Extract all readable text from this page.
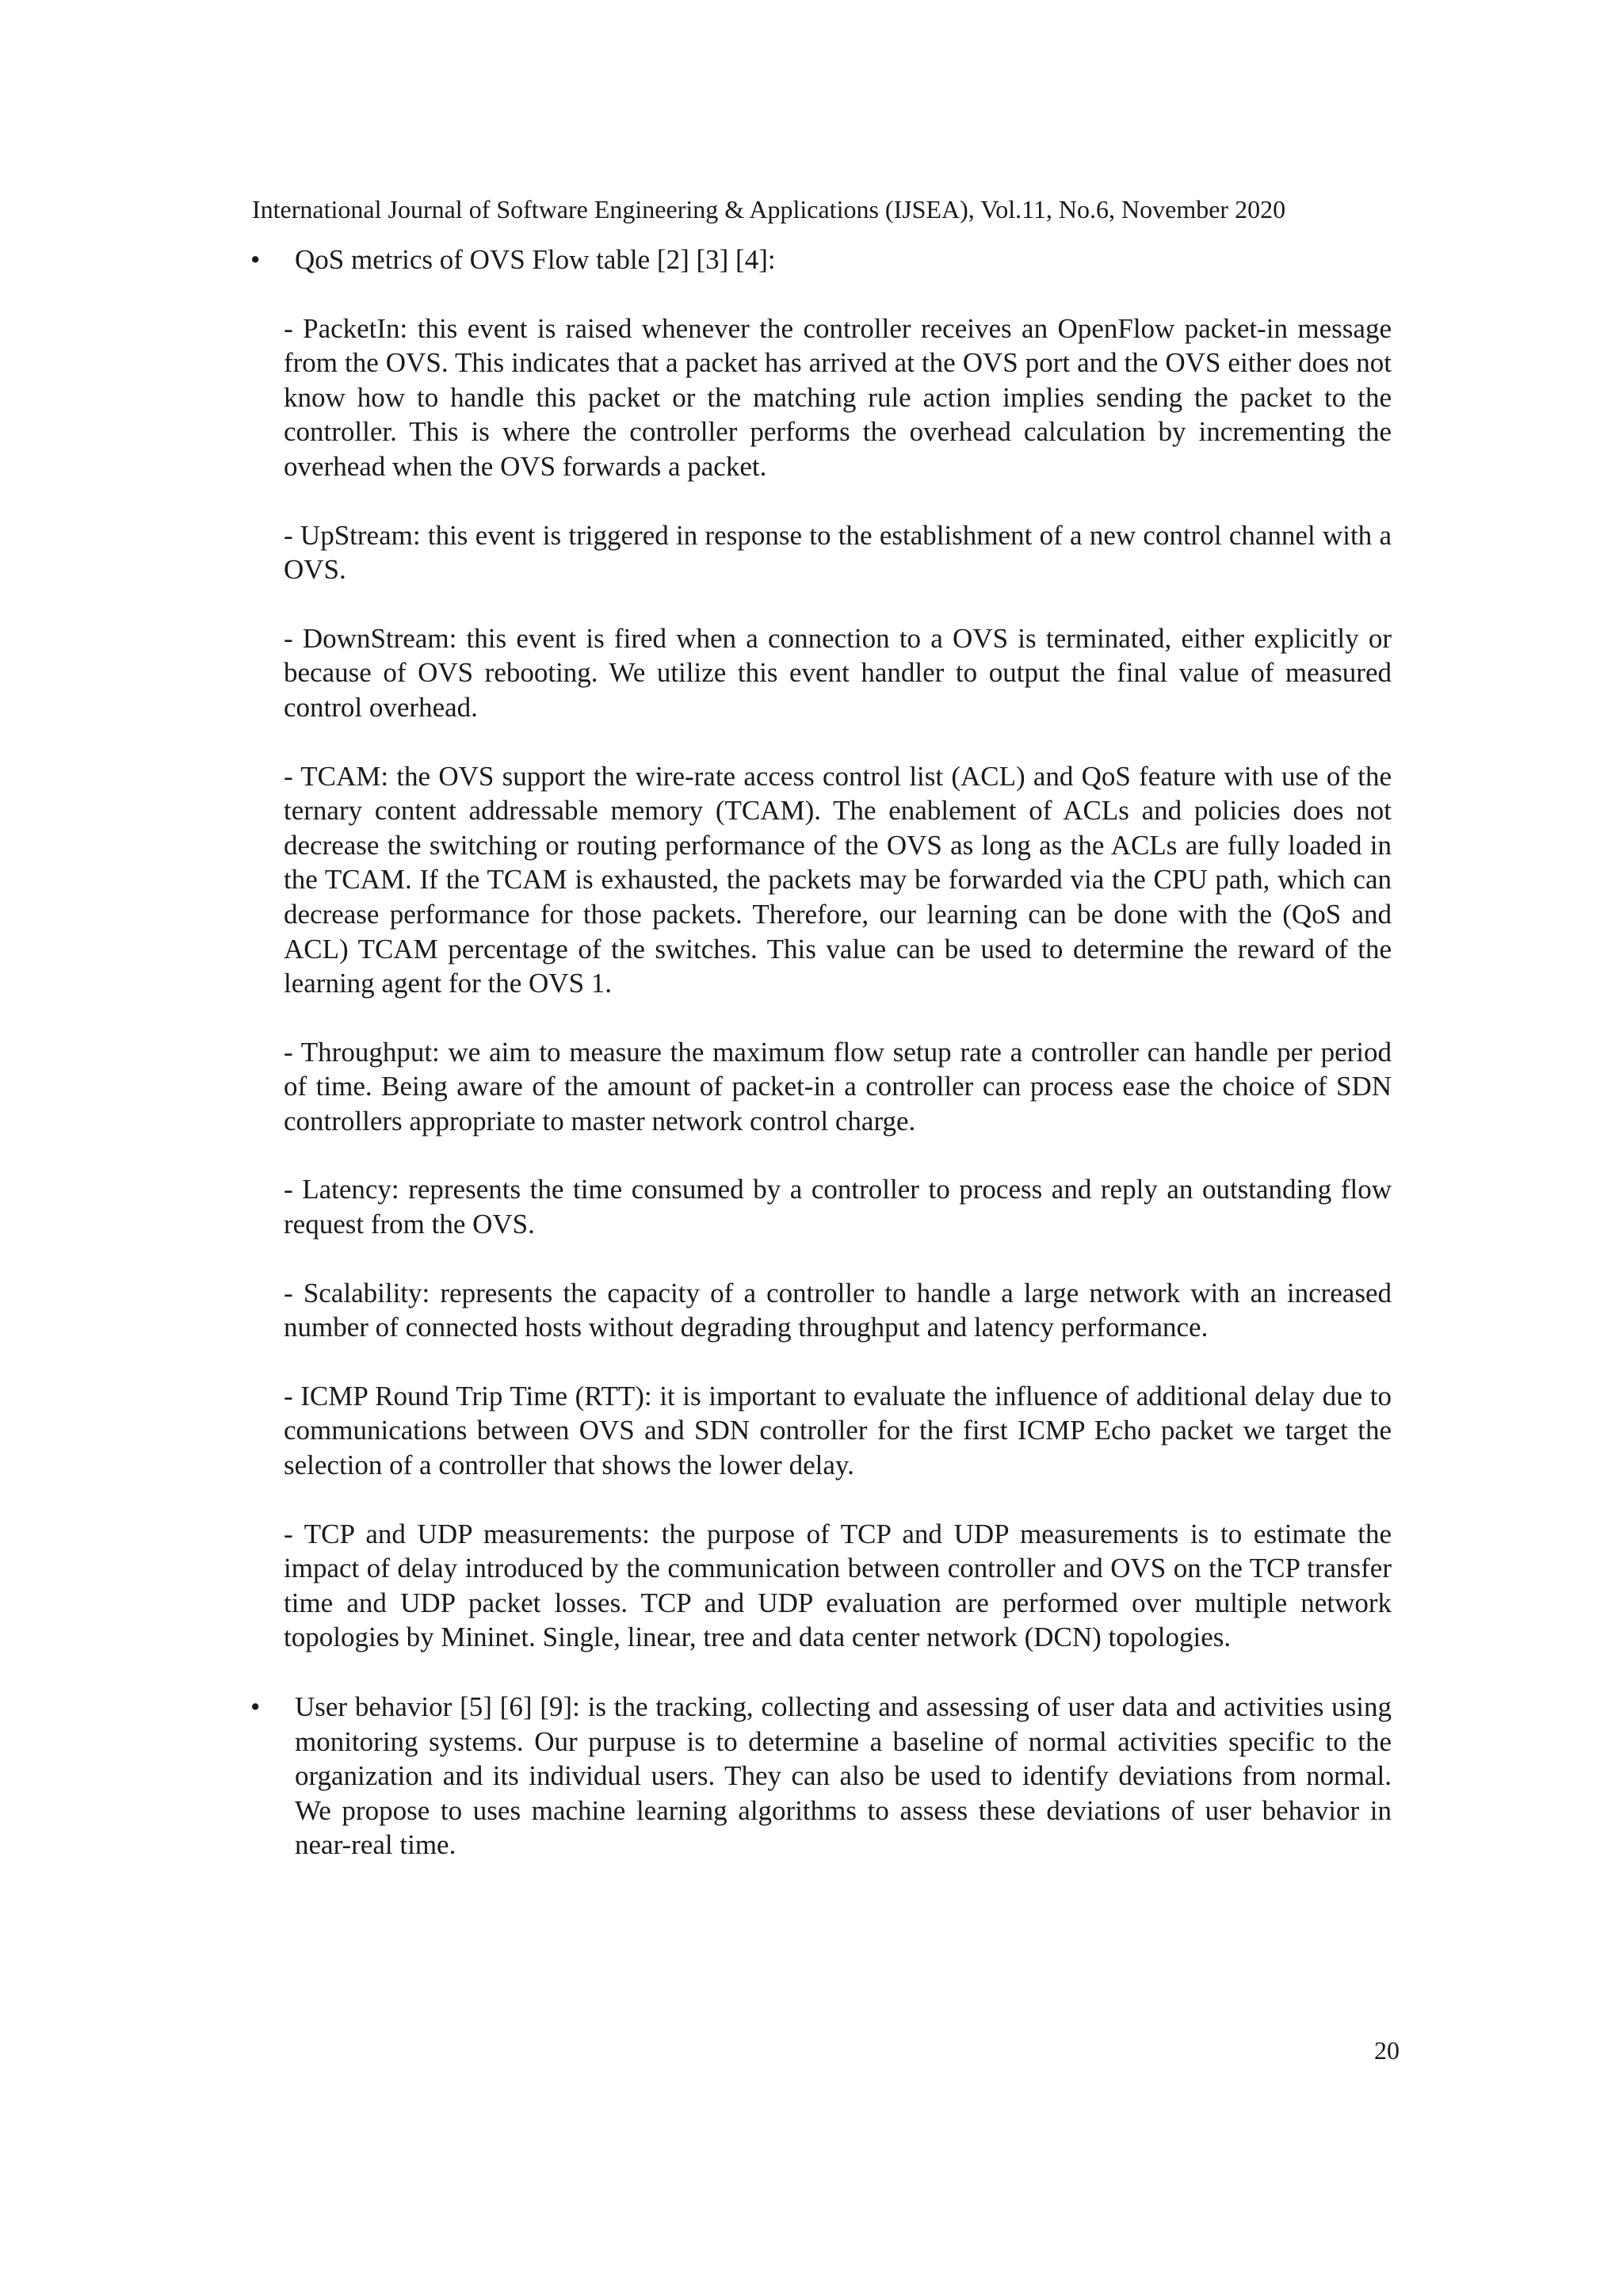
International Journal of Software Engineering & Applications (IJSEA), Vol.11, No.6, November 2020
• QoS metrics of OVS Flow table [2] [3] [4]:

- PacketIn: this event is raised whenever the controller receives an OpenFlow packet-in message from the OVS. This indicates that a packet has arrived at the OVS port and the OVS either does not know how to handle this packet or the matching rule action implies sending the packet to the controller. This is where the controller performs the overhead calculation by incrementing the overhead when the OVS forwards a packet.

- UpStream: this event is triggered in response to the establishment of a new control channel with a OVS.

- DownStream: this event is fired when a connection to a OVS is terminated, either explicitly or because of OVS rebooting. We utilize this event handler to output the final value of measured control overhead.

- TCAM: the OVS support the wire-rate access control list (ACL) and QoS feature with use of the ternary content addressable memory (TCAM). The enablement of ACLs and policies does not decrease the switching or routing performance of the OVS as long as the ACLs are fully loaded in the TCAM. If the TCAM is exhausted, the packets may be forwarded via the CPU path, which can decrease performance for those packets. Therefore, our learning can be done with the (QoS and ACL) TCAM percentage of the switches. This value can be used to determine the reward of the learning agent for the OVS 1.

- Throughput: we aim to measure the maximum flow setup rate a controller can handle per period of time. Being aware of the amount of packet-in a controller can process ease the choice of SDN controllers appropriate to master network control charge.

- Latency: represents the time consumed by a controller to process and reply an outstanding flow request from the OVS.

- Scalability: represents the capacity of a controller to handle a large network with an increased number of connected hosts without degrading throughput and latency performance.

- ICMP Round Trip Time (RTT): it is important to evaluate the influence of additional delay due to communications between OVS and SDN controller for the first ICMP Echo packet we target the selection of a controller that shows the lower delay.

- TCP and UDP measurements: the purpose of TCP and UDP measurements is to estimate the impact of delay introduced by the communication between controller and OVS on the TCP transfer time and UDP packet losses. TCP and UDP evaluation are performed over multiple network topologies by Mininet. Single, linear, tree and data center network (DCN) topologies.

• User behavior [5] [6] [9]: is the tracking, collecting and assessing of user data and activities using monitoring systems. Our purpuse is to determine a baseline of normal activities specific to the organization and its individual users. They can also be used to identify deviations from normal. We propose to uses machine learning algorithms to assess these deviations of user behavior in near-real time.
20
